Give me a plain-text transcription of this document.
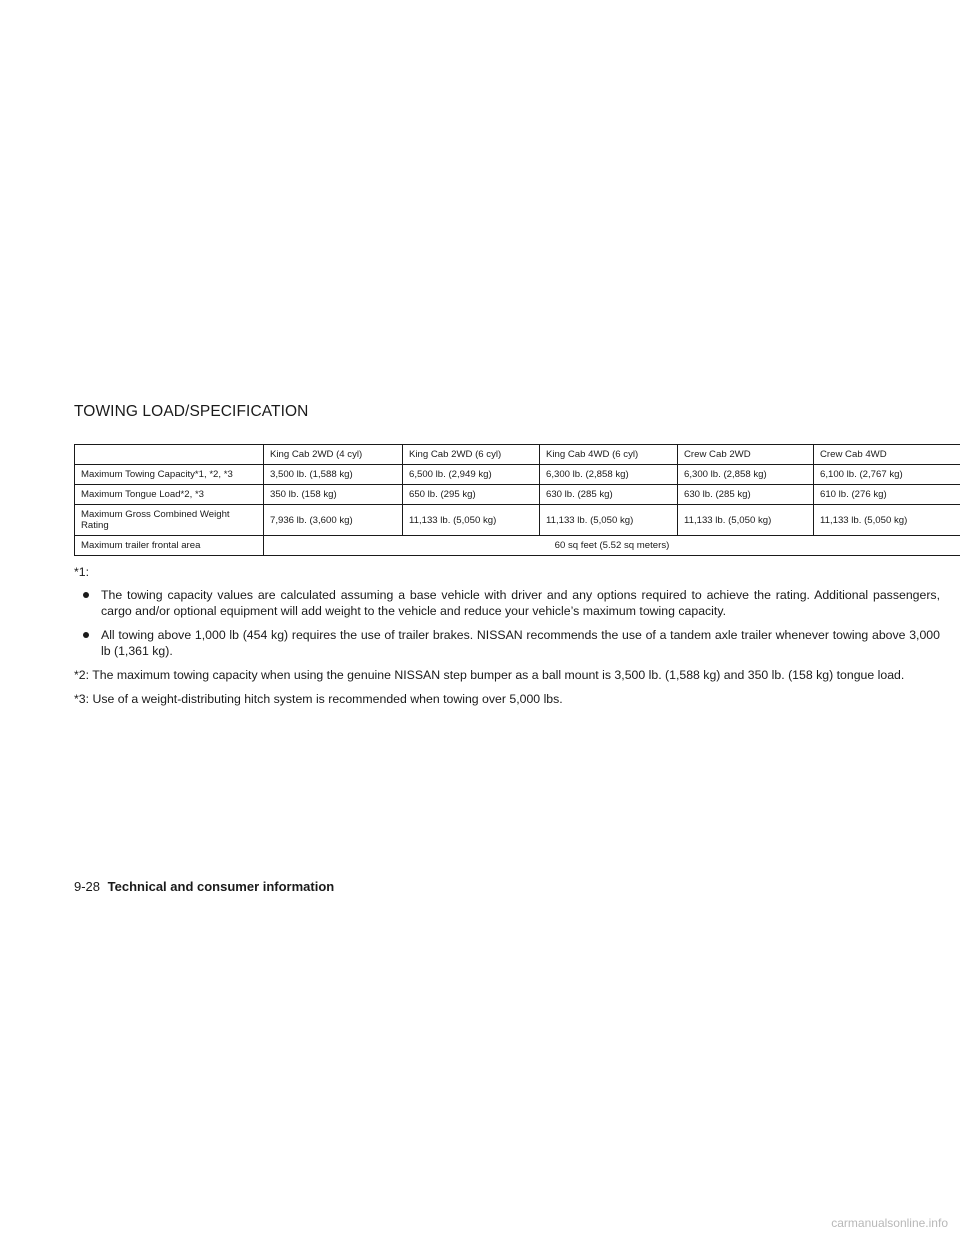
TOWING LOAD/SPECIFICATION
	King Cab 2WD (4 cyl)	King Cab 2WD (6 cyl)	King Cab 4WD (6 cyl)	Crew Cab 2WD	Crew Cab 4WD
Maximum Towing Capacity*1, *2, *3	3,500 lb. (1,588 kg)	6,500 lb. (2,949 kg)	6,300 lb. (2,858 kg)	6,300 lb. (2,858 kg)	6,100 lb. (2,767 kg)
Maximum Tongue Load*2, *3	350 lb. (158 kg)	650 lb. (295 kg)	630 lb. (285 kg)	630 lb. (285 kg)	610 lb. (276 kg)
Maximum Gross Combined Weight Rating	7,936 lb. (3,600 kg)	11,133 lb. (5,050 kg)	11,133 lb. (5,050 kg)	11,133 lb. (5,050 kg)	11,133 lb. (5,050 kg)
Maximum trailer frontal area	60 sq feet (5.52 sq meters)				

*1:

The towing capacity values are calculated assuming a base vehicle with driver and any options required to achieve the rating. Additional passengers, cargo and/or optional equipment will add weight to the vehicle and reduce your vehicle’s maximum towing capacity.
All towing above 1,000 lb (454 kg) requires the use of trailer brakes. NISSAN recommends the use of a tandem axle trailer whenever towing above 3,000 lb (1,361 kg).

*2: The maximum towing capacity when using the genuine NISSAN step bumper as a ball mount is 3,500 lb. (1,588 kg) and 350 lb. (158 kg) tongue load.

*3: Use of a weight-distributing hitch system is recommended when towing over 5,000 lbs.

9-28 Technical and consumer information
carmanualsonline.info
